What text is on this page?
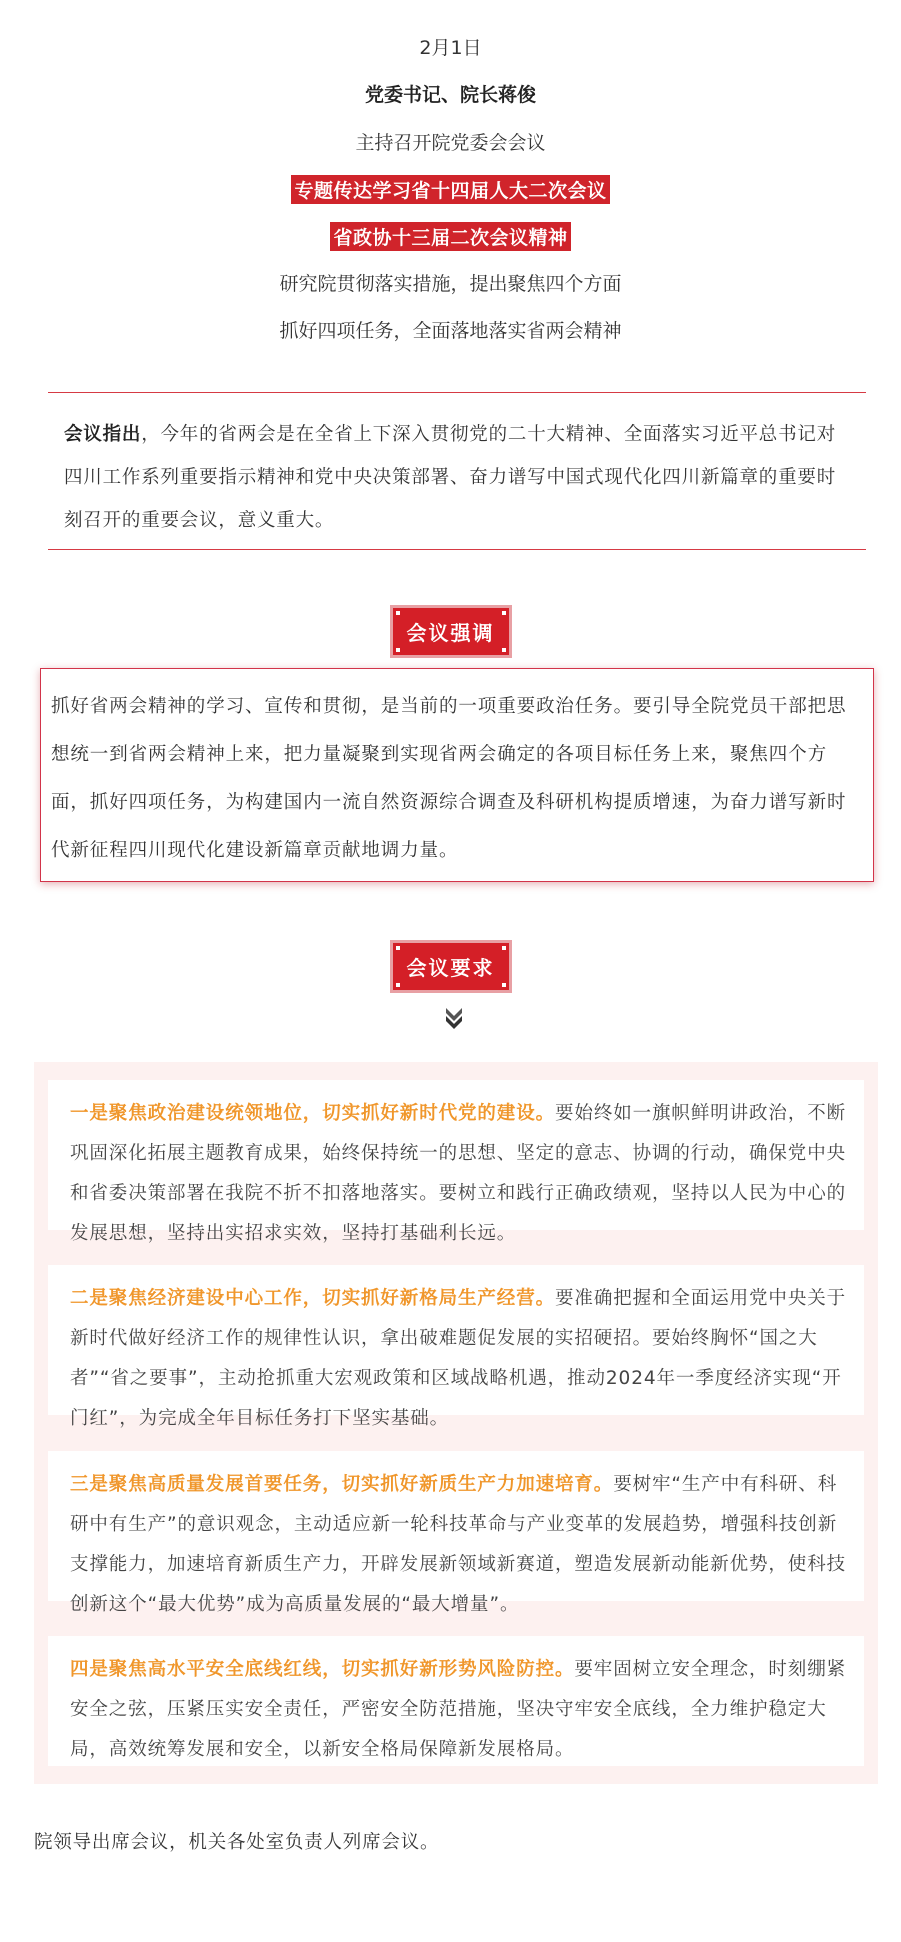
2月1日
党委书记、院长蒋俊
主持召开院党委会会议
专题传达学习省十四届人大二次会议
省政协十三届二次会议精神
研究院贯彻落实措施，提出聚焦四个方面
抓好四项任务，全面落地落实省两会精神
会议指出，今年的省两会是在全省上下深入贯彻党的二十大精神、全面落实习近平总书记对四川工作系列重要指示精神和党中央决策部署、奋力谱写中国式现代化四川新篇章的重要时刻召开的重要会议，意义重大。
会议强调
抓好省两会精神的学习、宣传和贯彻，是当前的一项重要政治任务。要引导全院党员干部把思想统一到省两会精神上来，把力量凝聚到实现省两会确定的各项目标任务上来，聚焦四个方面，抓好四项任务，为构建国内一流自然资源综合调查及科研机构提质增速，为奋力谱写新时代新征程四川现代化建设新篇章贡献地调力量。
会议要求
一是聚焦政治建设统领地位，切实抓好新时代党的建设。要始终如一旗帜鲜明讲政治，不断巩固深化拓展主题教育成果，始终保持统一的思想、坚定的意志、协调的行动，确保党中央和省委决策部署在我院不折不扣落地落实。要树立和践行正确政绩观，坚持以人民为中心的发展思想，坚持出实招求实效，坚持打基础利长远。
二是聚焦经济建设中心工作，切实抓好新格局生产经营。要准确把握和全面运用党中央关于新时代做好经济工作的规律性认识，拿出破难题促发展的实招硬招。要始终胸怀“国之大者”“省之要事”，主动抢抓重大宏观政策和区域战略机遇，推动2024年一季度经济实现“开门红”，为完成全年目标任务打下坚实基础。
三是聚焦高质量发展首要任务，切实抓好新质生产力加速培育。要树牢“生产中有科研、科研中有生产”的意识观念，主动适应新一轮科技革命与产业变革的发展趋势，增强科技创新支撑能力，加速培育新质生产力，开辟发展新领域新赛道，塑造发展新动能新优势，使科技创新这个“最大优势”成为高质量发展的“最大增量”。
四是聚焦高水平安全底线红线，切实抓好新形势风险防控。要牢固树立安全理念，时刻绷紧安全之弦，压紧压实安全责任，严密安全防范措施，坚决守牢安全底线，全力维护稳定大局，高效统筹发展和安全，以新安全格局保障新发展格局。
院领导出席会议，机关各处室负责人列席会议。
